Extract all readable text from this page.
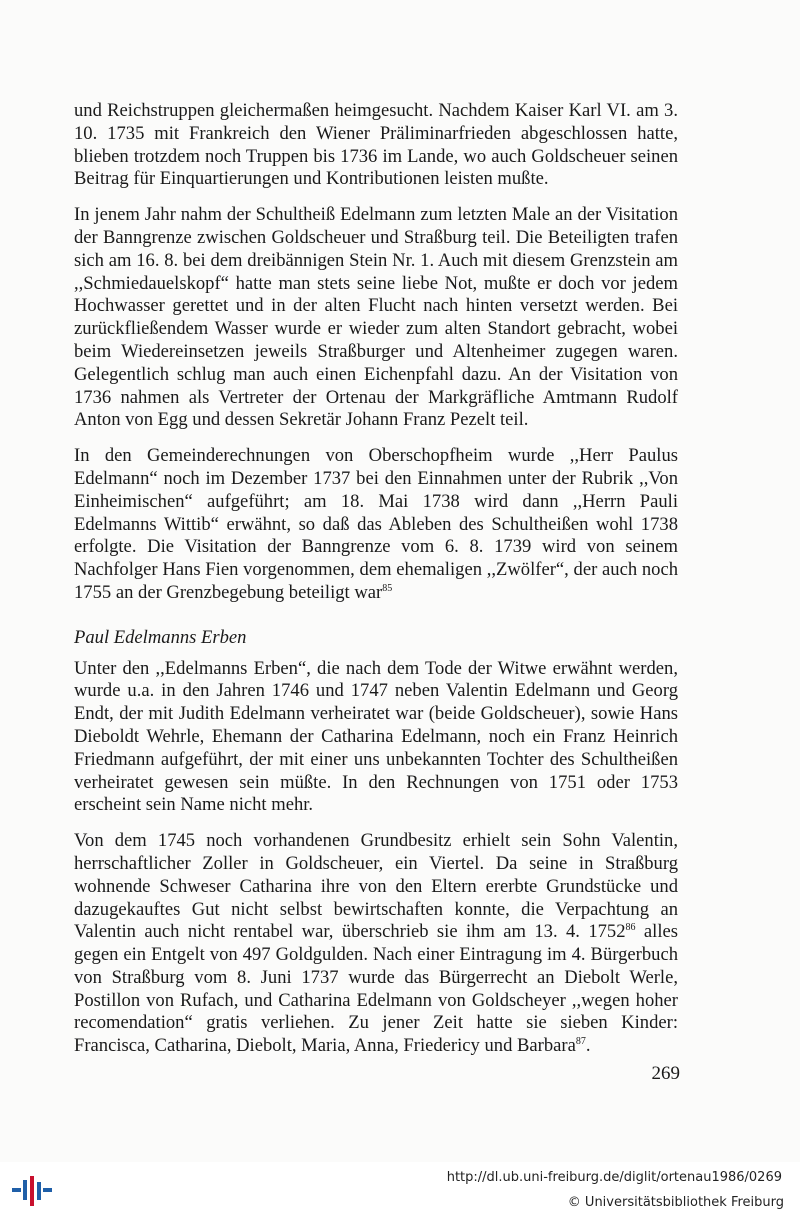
und Reichstruppen gleichermaßen heimgesucht. Nachdem Kaiser Karl VI. am 3. 10. 1735 mit Frankreich den Wiener Präliminarfrieden abgeschlossen hatte, blieben trotzdem noch Truppen bis 1736 im Lande, wo auch Goldscheuer seinen Beitrag für Einquartierungen und Kontributionen leisten mußte.

In jenem Jahr nahm der Schultheiß Edelmann zum letzten Male an der Visitation der Banngrenze zwischen Goldscheuer und Straßburg teil. Die Beteiligten trafen sich am 16. 8. bei dem dreibännigen Stein Nr. 1. Auch mit diesem Grenzstein am ,,Schmiedauelskopf“ hatte man stets seine liebe Not, mußte er doch vor jedem Hochwasser gerettet und in der alten Flucht nach hinten versetzt werden. Bei zurückfließendem Wasser wurde er wieder zum alten Standort gebracht, wobei beim Wiedereinsetzen jeweils Straßburger und Altenheimer zugegen waren. Gelegentlich schlug man auch einen Eichenpfahl dazu. An der Visitation von 1736 nahmen als Vertreter der Ortenau der Markgräfliche Amtmann Rudolf Anton von Egg und dessen Sekretär Johann Franz Pezelt teil.

In den Gemeinderechnungen von Oberschopfheim wurde ,,Herr Paulus Edelmann“ noch im Dezember 1737 bei den Einnahmen unter der Rubrik ,,Von Einheimischen“ aufgeführt; am 18. Mai 1738 wird dann ,,Herrn Pauli Edelmanns Wittib“ erwähnt, so daß das Ableben des Schultheißen wohl 1738 erfolgte. Die Visitation der Banngrenze vom 6. 8. 1739 wird von seinem Nachfolger Hans Fien vorgenommen, dem ehemaligen ,,Zwölfer“, der auch noch 1755 an der Grenzbegebung beteiligt war$^{85}$

Paul Edelmanns Erben

Unter den ,,Edelmanns Erben“, die nach dem Tode der Witwe erwähnt werden, wurde u.a. in den Jahren 1746 und 1747 neben Valentin Edelmann und Georg Endt, der mit Judith Edelmann verheiratet war (beide Goldscheuer), sowie Hans Dieboldt Wehrle, Ehemann der Catharina Edelmann, noch ein Franz Heinrich Friedmann aufgeführt, der mit einer uns unbekannten Tochter des Schultheißen verheiratet gewesen sein müßte. In den Rechnungen von 1751 oder 1753 erscheint sein Name nicht mehr.

Von dem 1745 noch vorhandenen Grundbesitz erhielt sein Sohn Valentin, herrschaftlicher Zoller in Goldscheuer, ein Viertel. Da seine in Straßburg wohnende Schweser Catharina ihre von den Eltern ererbte Grundstücke und dazugekauftes Gut nicht selbst bewirtschaften konnte, die Verpachtung an Valentin auch nicht rentabel war, überschrieb sie ihm am 13. 4. 1752$^{86}$ alles gegen ein Entgelt von 497 Goldgulden. Nach einer Eintragung im 4. Bürgerbuch von Straßburg vom 8. Juni 1737 wurde das Bürgerrecht an Diebolt Werle, Postillon von Rufach, und Catharina Edelmann von Goldscheyer ,,wegen hoher recomendation“ gratis verliehen. Zu jener Zeit hatte sie sieben Kinder: Francisca, Catharina, Diebolt, Maria, Anna, Friedericy und Barbara$^{87}$.

269
http://dl.ub.uni-freiburg.de/diglit/ortenau1986/0269
© Universitätsbibliothek Freiburg
